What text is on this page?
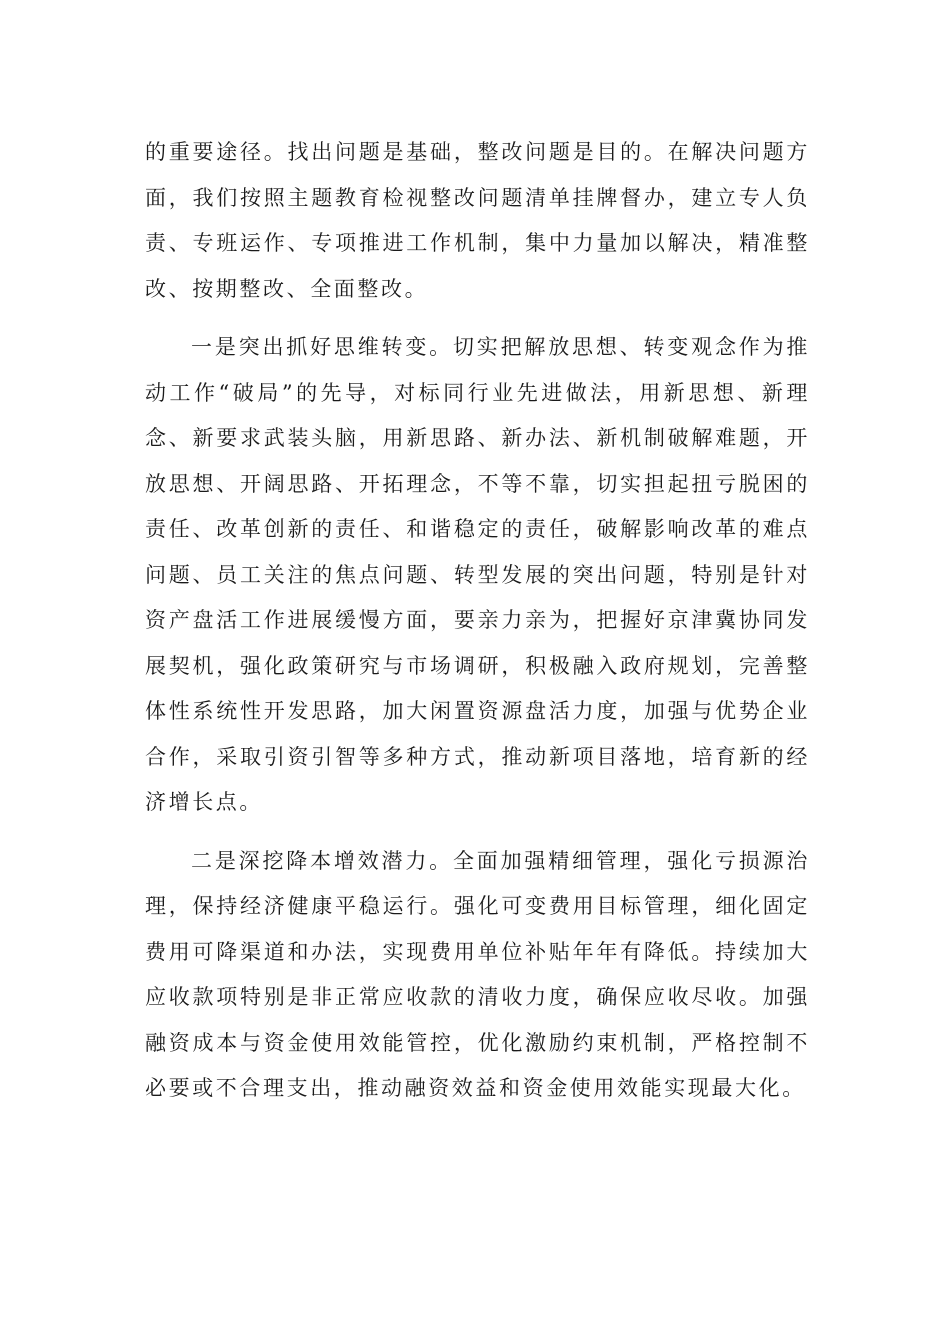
的重要途径。找出问题是基础，整改问题是目的。在解决问题方面，我们按照主题教育检视整改问题清单挂牌督办，建立专人负责、专班运作、专项推进工作机制，集中力量加以解决，精准整改、按期整改、全面整改。

一是突出抓好思维转变。切实把解放思想、转变观念作为推动工作“破局”的先导，对标同行业先进做法，用新思想、新理念、新要求武装头脑，用新思路、新办法、新机制破解难题，开放思想、开阔思路、开拓理念，不等不靠，切实担起扭亏脱困的责任、改革创新的责任、和谐稳定的责任，破解影响改革的难点问题、员工关注的焦点问题、转型发展的突出问题，特别是针对资产盘活工作进展缓慢方面，要亲力亲为，把握好京津冀协同发展契机，强化政策研究与市场调研，积极融入政府规划，完善整体性系统性开发思路，加大闲置资源盘活力度，加强与优势企业合作，采取引资引智等多种方式，推动新项目落地，培育新的经济增长点。

二是深挖降本增效潜力。全面加强精细管理，强化亏损源治理，保持经济健康平稳运行。强化可变费用目标管理，细化固定费用可降渠道和办法，实现费用单位补贴年年有降低。持续加大应收款项特别是非正常应收款的清收力度，确保应收尽收。加强融资成本与资金使用效能管控，优化激励约束机制，严格控制不必要或不合理支出，推动融资效益和资金使用效能实现最大化。
